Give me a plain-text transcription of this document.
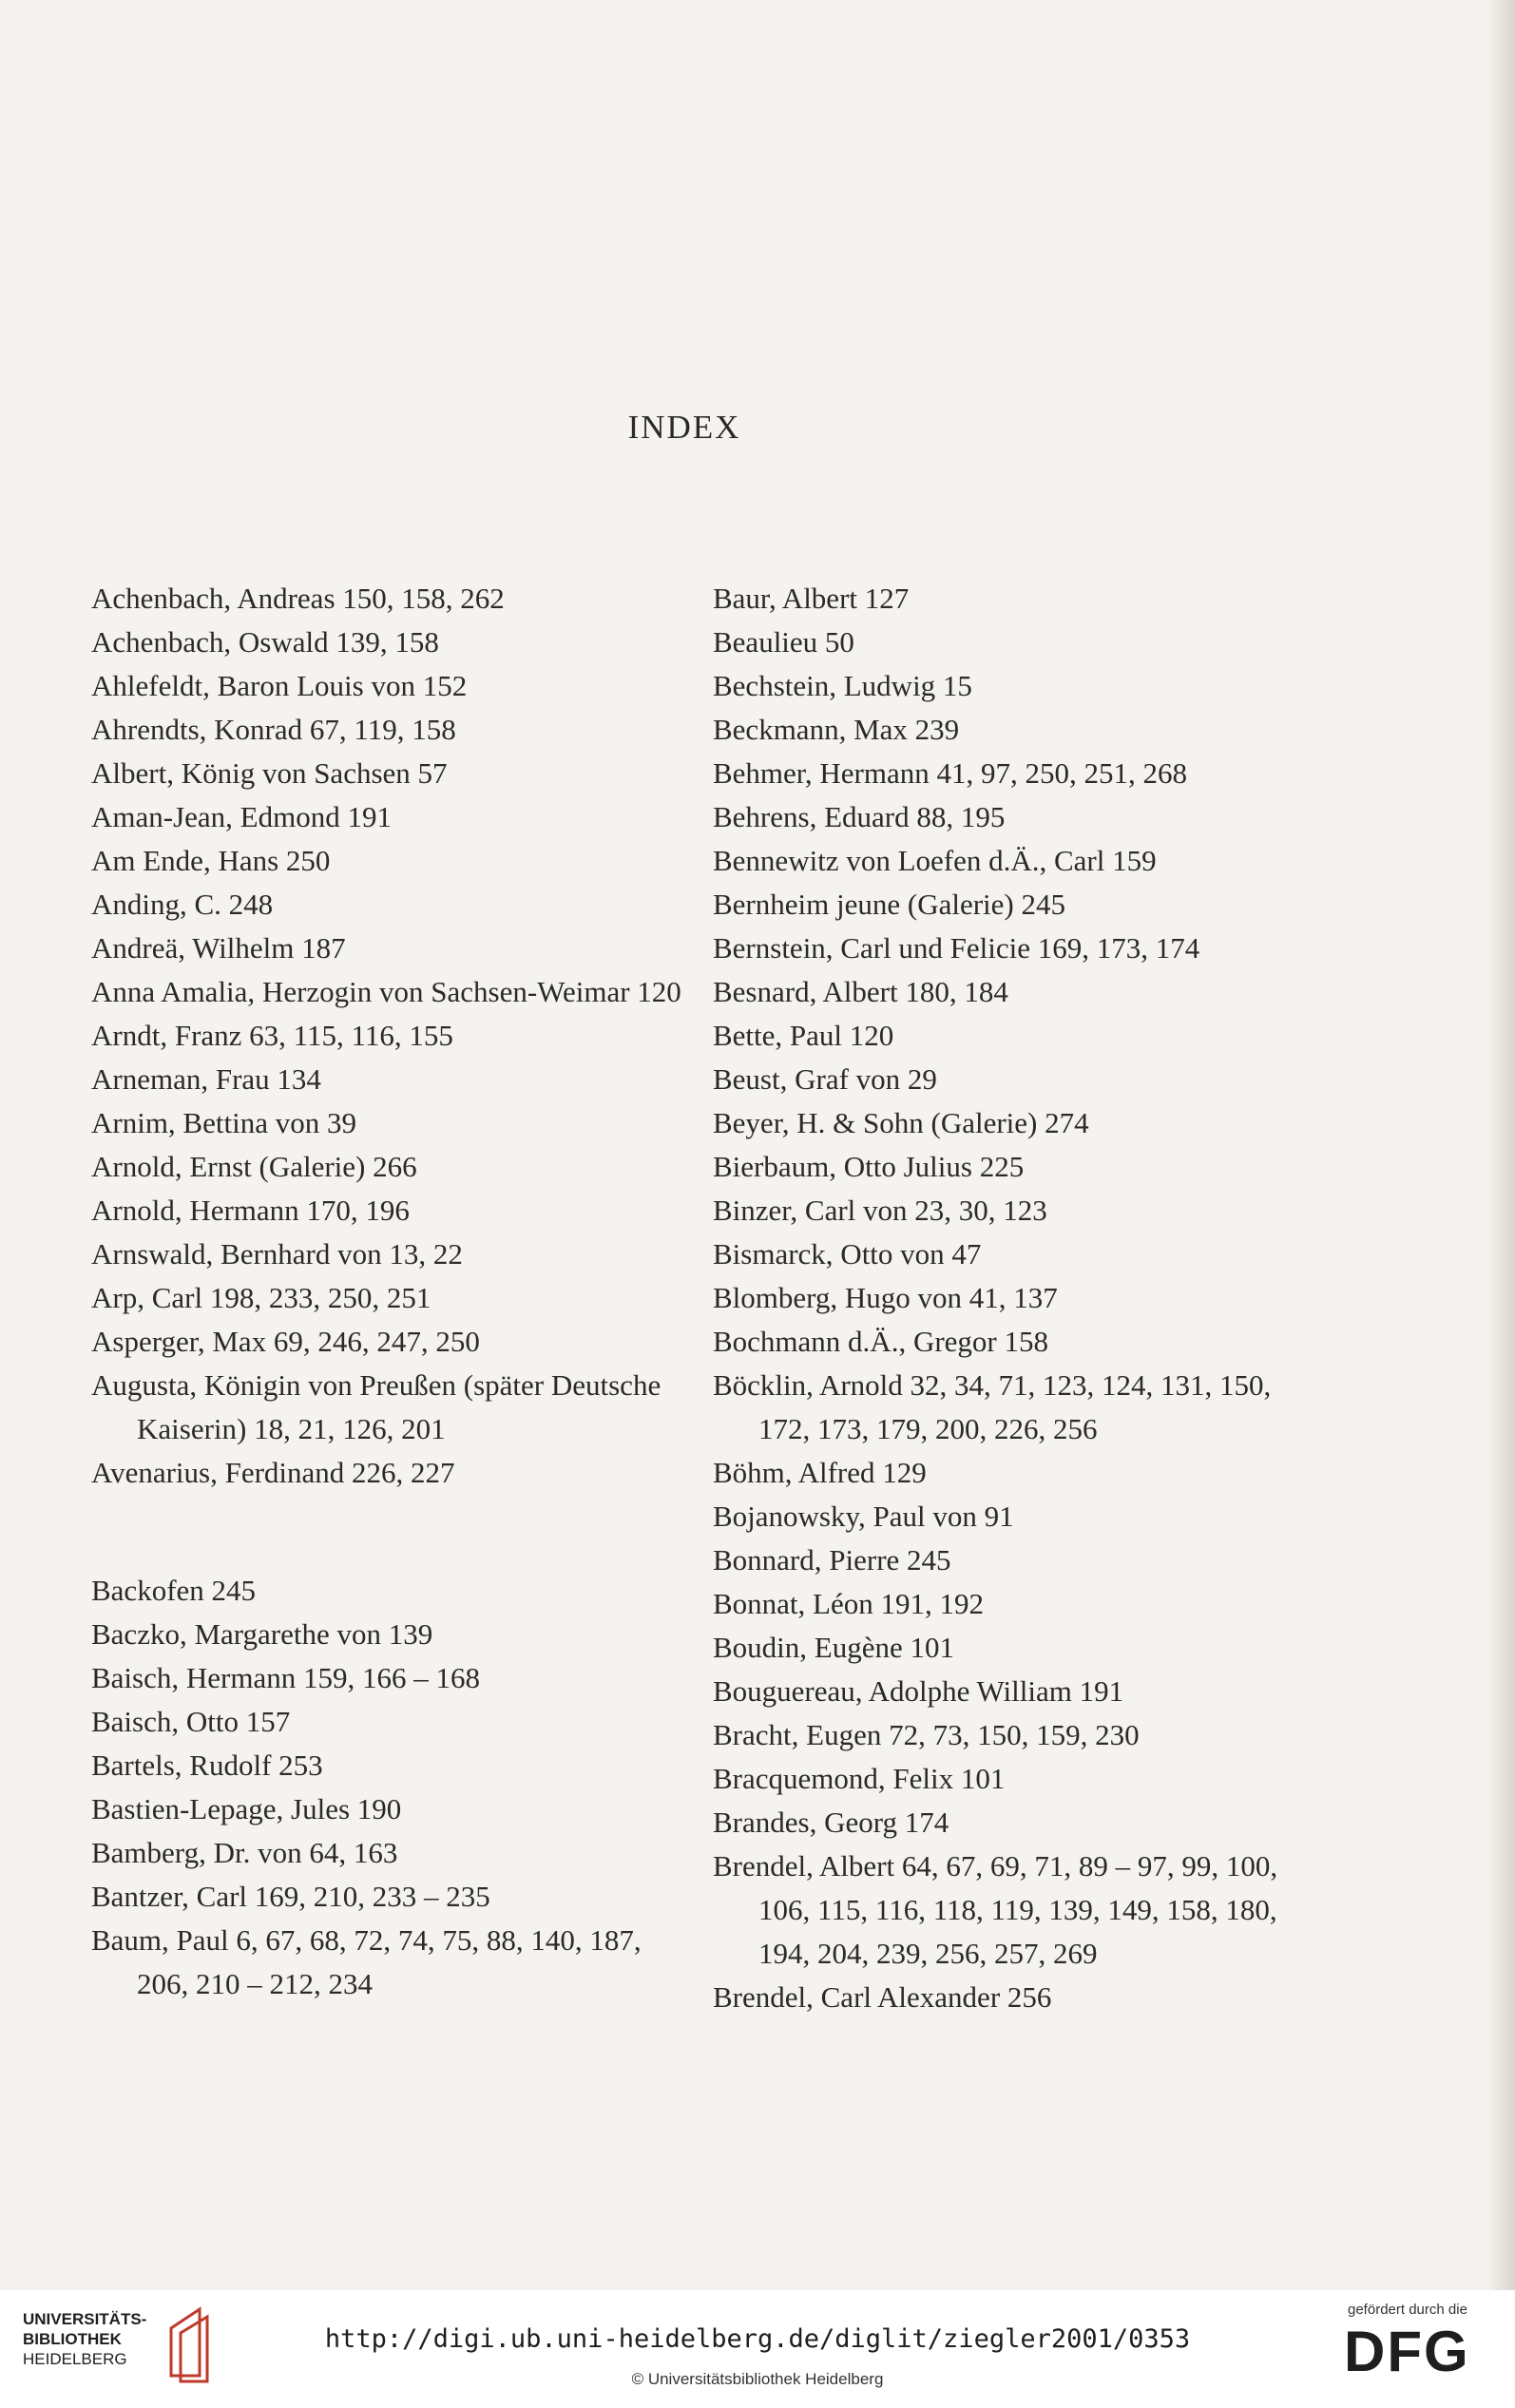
INDEX

Achenbach, Andreas 150, 158, 262

Achenbach, Oswald 139, 158

Ahlefeldt, Baron Louis von 152

Ahrendts, Konrad 67, 119, 158

Albert, König von Sachsen 57

Aman-Jean, Edmond 191

Am Ende, Hans 250

Anding, C. 248

Andreä, Wilhelm 187

Anna Amalia, Herzogin von Sachsen-Weimar 120

Arndt, Franz 63, 115, 116, 155

Arneman, Frau 134

Arnim, Bettina von 39

Arnold, Ernst (Galerie) 266

Arnold, Hermann 170, 196

Arnswald, Bernhard von 13, 22

Arp, Carl 198, 233, 250, 251

Asperger, Max 69, 246, 247, 250

Augusta, Königin von Preußen (später Deutsche Kaiserin) 18, 21, 126, 201

Avenarius, Ferdinand 226, 227

Backofen 245

Baczko, Margarethe von 139

Baisch, Hermann 159, 166 – 168

Baisch, Otto 157

Bartels, Rudolf 253

Bastien-Lepage, Jules 190

Bamberg, Dr. von 64, 163

Bantzer, Carl 169, 210, 233 – 235

Baum, Paul 6, 67, 68, 72, 74, 75, 88, 140, 187, 206, 210 – 212, 234

Baur, Albert 127

Beaulieu 50

Bechstein, Ludwig 15

Beckmann, Max 239

Behmer, Hermann 41, 97, 250, 251, 268

Behrens, Eduard 88, 195

Bennewitz von Loefen d.Ä., Carl 159

Bernheim jeune (Galerie) 245

Bernstein, Carl und Felicie 169, 173, 174

Besnard, Albert 180, 184

Bette, Paul 120

Beust, Graf von 29

Beyer, H. & Sohn (Galerie) 274

Bierbaum, Otto Julius 225

Binzer, Carl von 23, 30, 123

Bismarck, Otto von 47

Blomberg, Hugo von 41, 137

Bochmann d.Ä., Gregor 158

Böcklin, Arnold 32, 34, 71, 123, 124, 131, 150, 172, 173, 179, 200, 226, 256

Böhm, Alfred 129

Bojanowsky, Paul von 91

Bonnard, Pierre 245

Bonnat, Léon 191, 192

Boudin, Eugène 101

Bouguereau, Adolphe William 191

Bracht, Eugen 72, 73, 150, 159, 230

Bracquemond, Felix 101

Brandes, Georg 174

Brendel, Albert 64, 67, 69, 71, 89 – 97, 99, 100, 106, 115, 116, 118, 119, 139, 149, 158, 180, 194, 204, 239, 256, 257, 269

Brendel, Carl Alexander 256

UNIVERSITÄTS-
BIBLIOTHEK
HEIDELBERG
http://digi.ub.uni-heidelberg.de/diglit/ziegler2001/0353
© Universitätsbibliothek Heidelberg
gefördert durch die
DFG
